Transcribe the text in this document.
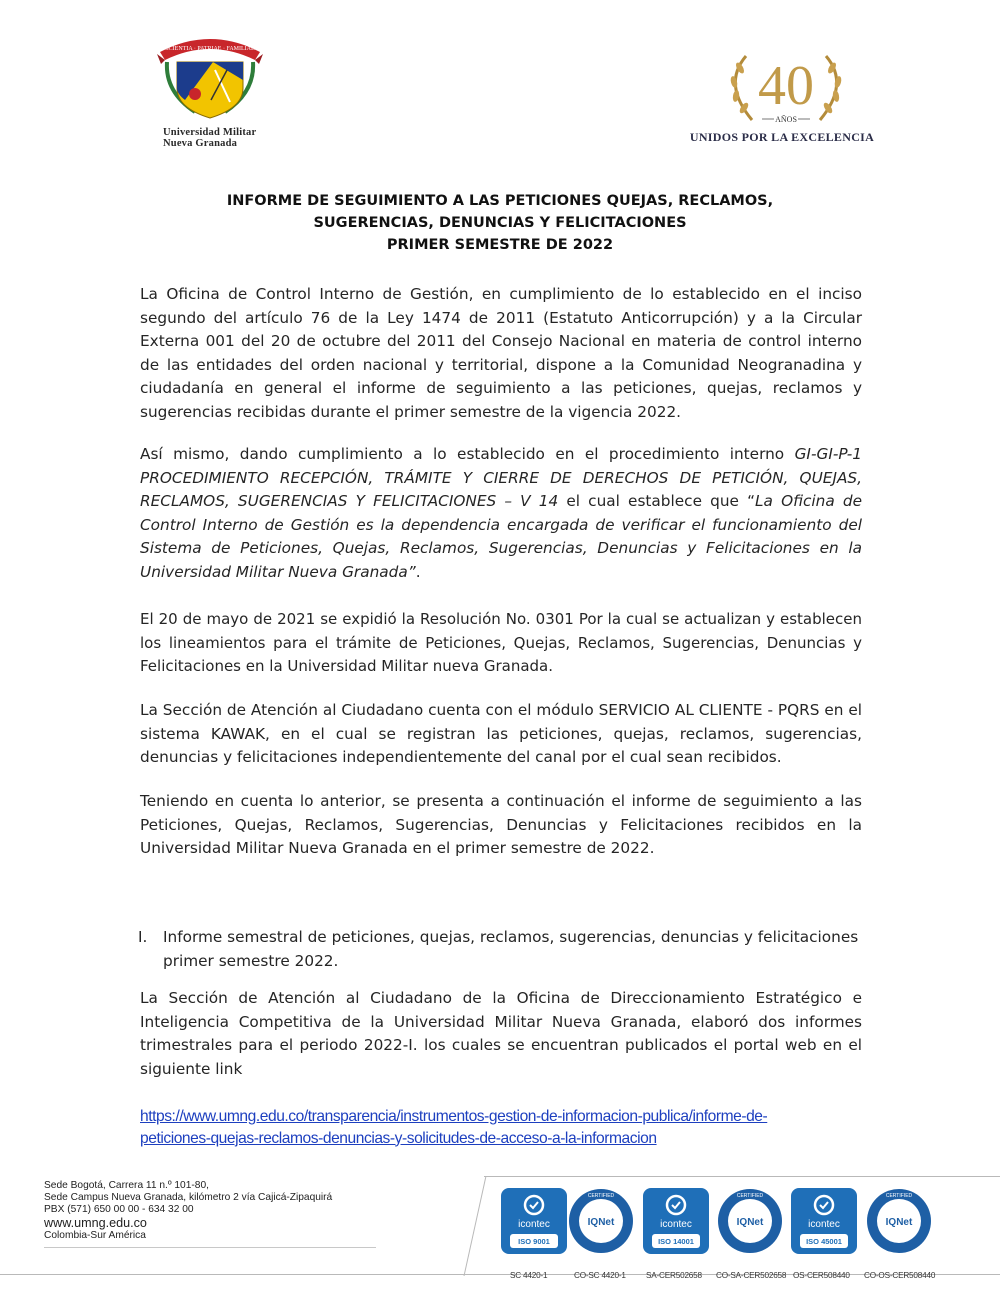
SCIENTIA · PATRIAE · FAMILIAE
Universidad Militar
Nueva Granada
40
AÑOS
UNIDOS POR LA EXCELENCIA
INFORME DE SEGUIMIENTO A LAS PETICIONES QUEJAS, RECLAMOS,
SUGERENCIAS, DENUNCIAS Y FELICITACIONES
PRIMER SEMESTRE DE 2022
La Oficina de Control Interno de Gestión, en cumplimiento de lo establecido en el inciso segundo del artículo 76 de la Ley 1474 de 2011 (Estatuto Anticorrupción) y a la Circular Externa 001 del 20 de octubre del 2011 del Consejo Nacional en materia de control interno de las entidades del orden nacional y territorial, dispone a la Comunidad Neogranadina y ciudadanía en general el informe de seguimiento a las peticiones, quejas, reclamos y sugerencias recibidas durante el primer semestre de la vigencia 2022.
Así mismo, dando cumplimiento a lo establecido en el procedimiento interno GI-GI-P-1 PROCEDIMIENTO RECEPCIÓN, TRÁMITE Y CIERRE DE DERECHOS DE PETICIÓN, QUEJAS, RECLAMOS, SUGERENCIAS Y FELICITACIONES – V 14 el cual establece que “La Oficina de Control Interno de Gestión es la dependencia encargada de verificar el funcionamiento del Sistema de Peticiones, Quejas, Reclamos, Sugerencias, Denuncias y Felicitaciones en la Universidad Militar Nueva Granada”.
El 20 de mayo de 2021 se expidió la Resolución No. 0301 Por la cual se actualizan y establecen los lineamientos para el trámite de Peticiones, Quejas, Reclamos, Sugerencias, Denuncias y Felicitaciones en la Universidad Militar nueva Granada.
La Sección de Atención al Ciudadano cuenta con el módulo SERVICIO AL CLIENTE - PQRS en el sistema KAWAK, en el cual se registran las peticiones, quejas, reclamos, sugerencias, denuncias y felicitaciones independientemente del canal por el cual sean recibidos.
Teniendo en cuenta lo anterior, se presenta a continuación el informe de seguimiento a las Peticiones, Quejas, Reclamos, Sugerencias, Denuncias y Felicitaciones recibidos en la Universidad Militar Nueva Granada en el primer semestre de 2022.
I. Informe semestral de peticiones, quejas, reclamos, sugerencias, denuncias y felicitaciones primer semestre 2022.
La Sección de Atención al Ciudadano de la Oficina de Direccionamiento Estratégico e Inteligencia Competitiva de la Universidad Militar Nueva Granada, elaboró dos informes trimestrales para el periodo 2022-I. los cuales se encuentran publicados el portal web en el siguiente link
https://www.umng.edu.co/transparencia/instrumentos-gestion-de-informacion-publica/informe-de-
peticiones-quejas-reclamos-denuncias-y-solicitudes-de-acceso-a-la-informacion
Sede Bogotá, Carrera 11 n.º 101-80,
Sede Campus Nueva Granada, kilómetro 2 vía Cajicá-Zipaquirá
PBX (571) 650 00 00 - 634 32 00
www.umng.edu.co
Colombia-Sur América
icontec
ISO 9001
IQNet
CERTIFIED
icontec
ISO 14001
IQNet
CERTIFIED
icontec
ISO 45001
IQNet
CERTIFIED
SC 4420-1	CO-SC 4420-1 SA-CER502658 CO-SA-CER502658 OS-CER508440 CO-OS-CER508440
